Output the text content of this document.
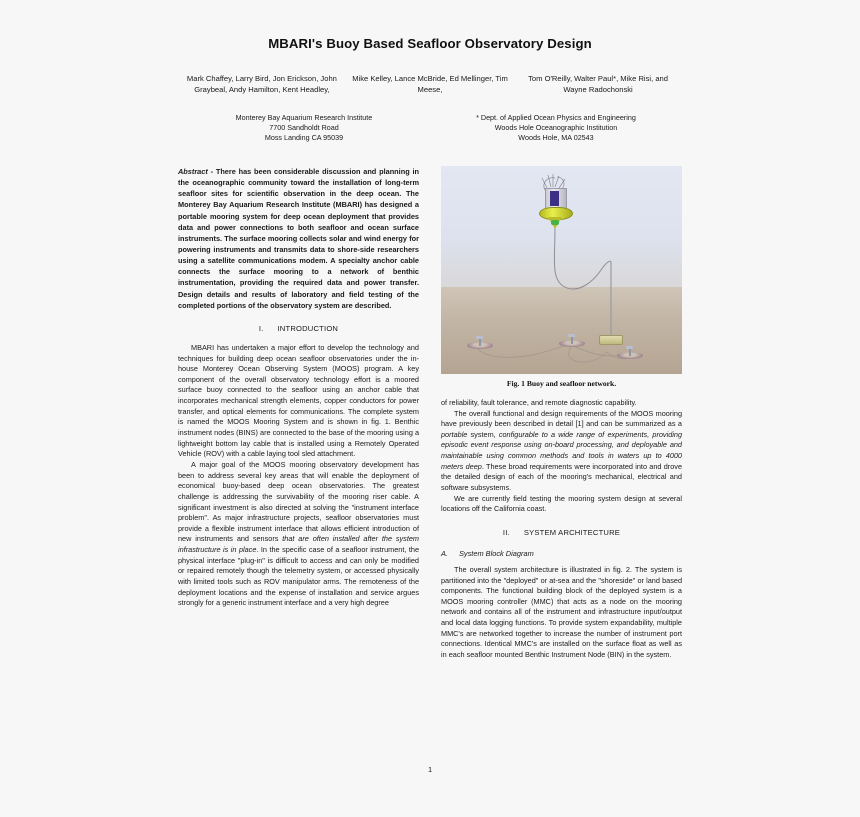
MBARI's Buoy Based Seafloor Observatory Design
Mark Chaffey, Larry Bird, Jon Erickson, John Graybeal, Andy Hamilton, Kent Headley,
Mike Kelley, Lance McBride, Ed Mellinger, Tim Meese,
Tom O'Reilly, Walter Paul*, Mike Risi, and Wayne Radochonski
Monterey Bay Aquarium Research Institute
7700 Sandholdt Road
Moss Landing CA 95039
* Dept. of Applied Ocean Physics and Engineering
Woods Hole Oceanographic Institution
Woods Hole, MA 02543

Abstract - There has been considerable discussion and planning in the oceanographic community toward the installation of long-term seafloor sites for scientific observation in the deep ocean. The Monterey Bay Aquarium Research Institute (MBARI) has designed a portable mooring system for deep ocean deployment that provides data and power connections to both seafloor and ocean surface instruments. The surface mooring collects solar and wind energy for powering instruments and transmits data to shore-side researchers using a satellite communications modem. A specialty anchor cable connects the surface mooring to a network of benthic instrumentation, providing the required data and power transfer. Design details and results of laboratory and field testing of the completed portions of the observatory system are described.

I. INTRODUCTION

MBARI has undertaken a major effort to develop the technology and techniques for building deep ocean seafloor observatories under the in-house Monterey Ocean Observing System (MOOS) program. A key component of the overall observatory technology effort is a moored surface buoy connected to the seafloor using an anchor cable that incorporates mechanical strength elements, copper conductors for power transfer, and optical elements for communications. The complete system is named the MOOS Mooring System and is shown in fig. 1. Benthic instrument nodes (BINS) are connected to the base of the mooring using a lightweight bottom lay cable that is installed using a Remotely Operated Vehicle (ROV) with a cable laying tool sled attachment.

A major goal of the MOOS mooring observatory development has been to address several key areas that will enable the deployment of economical buoy-based deep ocean observatories. The greatest challenge is addressing the survivability of the mooring riser cable. A significant investment is also directed at solving the "instrument interface problem". As major infrastructure projects, seafloor observatories must provide a flexible instrument interface that allows efficient introduction of new instruments and sensors that are often installed after the system infrastructure is in place. In the specific case of a seafloor instrument, the physical interface "plug-in" is difficult to access and can only be modified or repaired remotely though the telemetry system, or accessed physically with limited tools such as ROV manipulator arms. The remoteness of the deployment locations and the expense of installation and service argues strongly for a generic instrument interface and a very high degree

Fig. 1 Buoy and seafloor network.

of reliability, fault tolerance, and remote diagnostic capability.

The overall functional and design requirements of the MOOS mooring have previously been described in detail [1] and can be summarized as a portable system, configurable to a wide range of experiments, providing episodic event response using on-board processing, and deployable and maintainable using common methods and tools in waters up to 4000 meters deep. These broad requirements were incorporated into and drove the detailed design of each of the mooring's mechanical, electrical and software subsystems.

We are currently field testing the mooring system design at several locations off the California coast.

II. SYSTEM ARCHITECTURE
A. System Block Diagram

The overall system architecture is illustrated in fig. 2. The system is partitioned into the "deployed" or at-sea and the "shoreside" or land based components. The functional building block of the deployed system is a MOOS mooring controller (MMC) that acts as a node on the mooring network and contains all of the instrument and infrastructure input/output and local data logging functions. To provide system expandability, multiple MMC's are networked together to increase the number of instrument port connections. Identical MMC's are installed on the surface float as well as in each seafloor mounted Benthic Instrument Node (BIN) in the system.

1
